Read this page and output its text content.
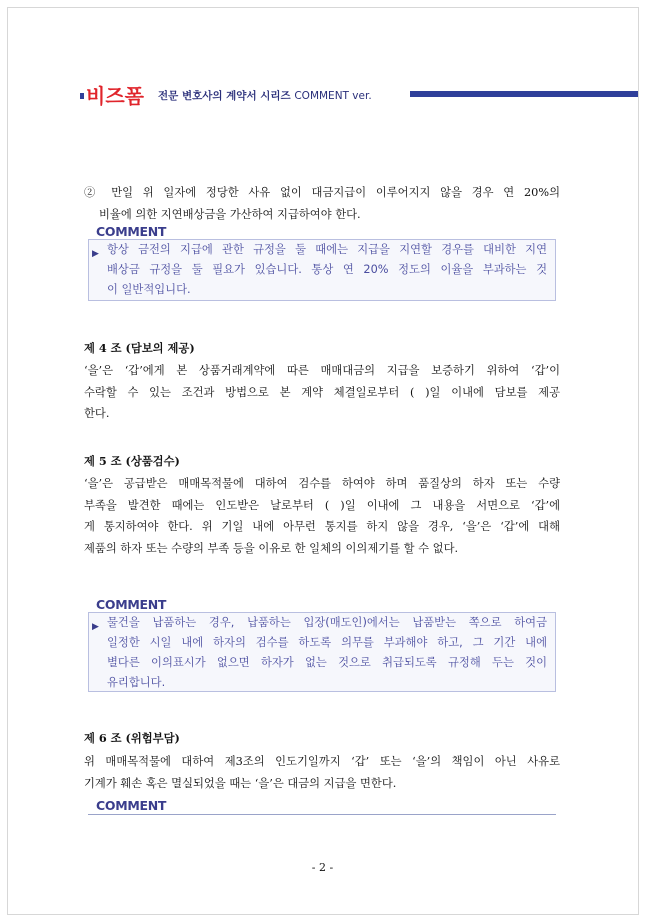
비즈폼 전문 변호사의 계약서 시리즈 COMMENT ver.
② 만일 위 일자에 정당한 사유 없이 대금지급이 이루어지지 않을 경우 연 20%의
비율에 의한 지연배상금을 가산하여 지급하여야 한다.
COMMENT
▶ 항상 금전의 지급에 관한 규정을 둘 때에는 지급을 지연할 경우를 대비한 지연
배상금 규정을 둘 필요가 있습니다. 통상 연 20% 정도의 이율을 부과하는 것
이 일반적입니다.
제 4 조 (담보의 제공)
‘을’은 ‘갑’에게 본 상품거래계약에 따른 매매대금의 지급을 보증하기 위하여 ‘갑’이
수락할 수 있는 조건과 방법으로 본 계약 체결일로부터 ( )일 이내에 담보를 제공
한다.
제 5 조 (상품검수)
‘을’은 공급받은 매매목적물에 대하여 검수를 하여야 하며 품질상의 하자 또는 수량
부족을 발견한 때에는 인도받은 날로부터 ( )일 이내에 그 내용을 서면으로 ‘갑’에
게 통지하여야 한다. 위 기일 내에 아무런 통지를 하지 않을 경우, ‘을’은 ‘갑’에 대해
제품의 하자 또는 수량의 부족 등을 이유로 한 일체의 이의제기를 할 수 없다.
COMMENT
▶ 물건을 납품하는 경우, 납품하는 입장(매도인)에서는 납품받는 쪽으로 하여금
일정한 시일 내에 하자의 검수를 하도록 의무를 부과해야 하고, 그 기간 내에
별다른 이의표시가 없으면 하자가 없는 것으로 취급되도록 규정해 두는 것이
유리합니다.
제 6 조 (위험부담)
위 매매목적물에 대하여 제3조의 인도기일까지 ‘갑’ 또는 ‘을’의 책임이 아닌 사유로
기계가 훼손 혹은 멸실되었을 때는 ‘을’은 대금의 지급을 면한다.
COMMENT
- 2 -
